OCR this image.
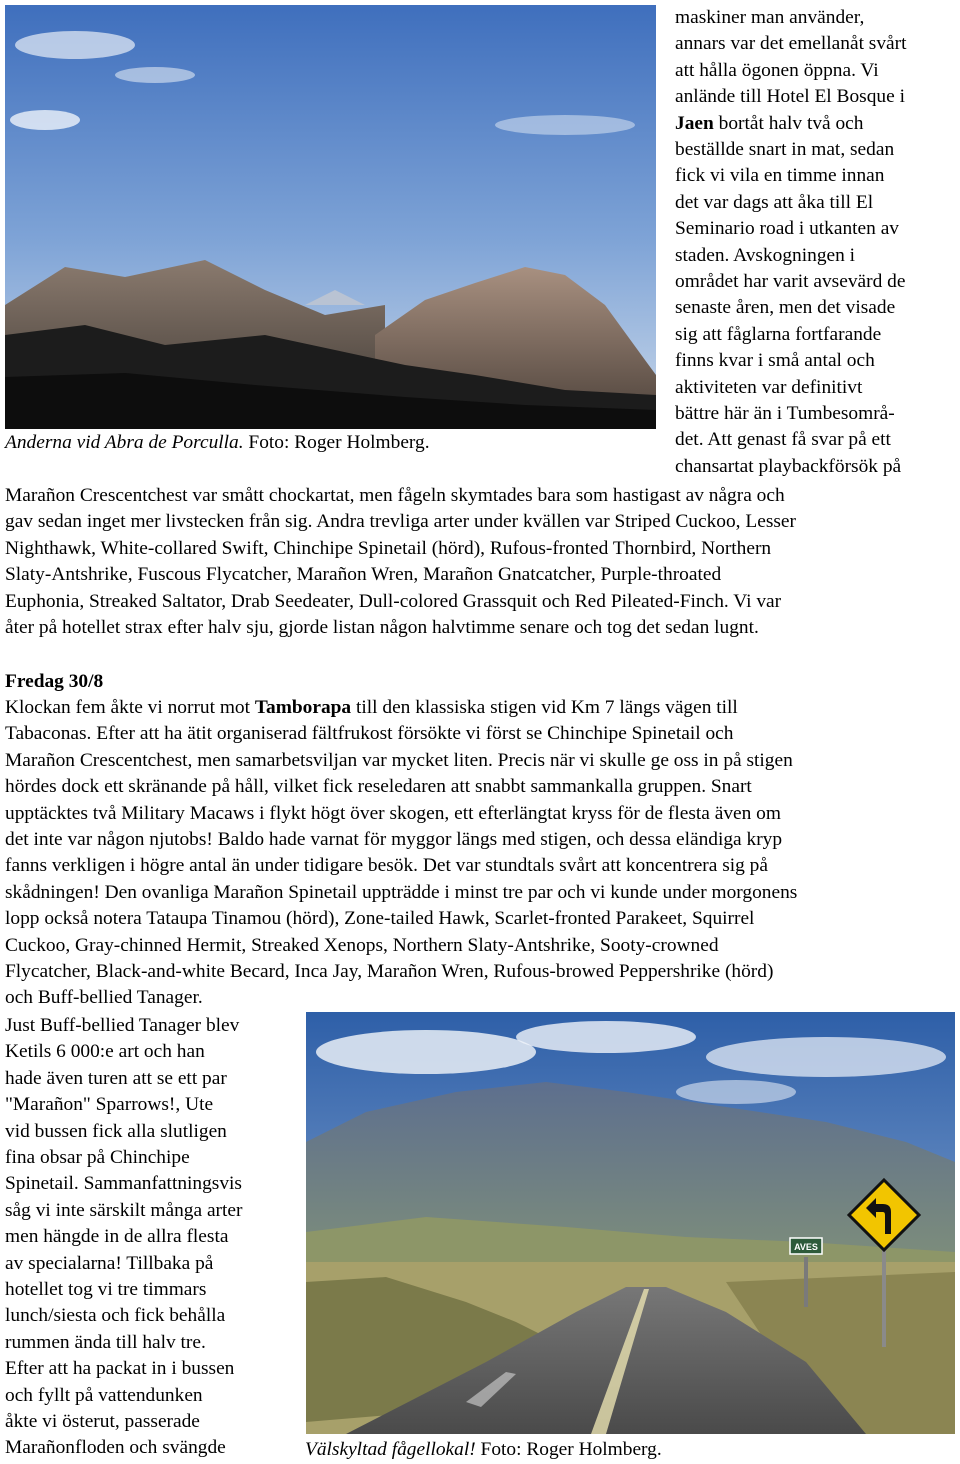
Anderna vid Abra de Porculla. Foto: Roger Holmberg.
maskiner man använder,
annars var det emellanåt svårt
att hålla ögonen öppna. Vi
anlände till Hotel El Bosque i
Jaen bortåt halv två och
beställde snart in mat, sedan
fick vi vila en timme innan
det var dags att åka till El
Seminario road i utkanten av
staden. Avskogningen i
området har varit avsevärd de
senaste åren, men det visade
sig att fåglarna fortfarande
finns kvar i små antal och
aktiviteten var definitivt
bättre här än i Tumbesområ-
det. Att genast få svar på ett
chansartat playbackförsök på
Marañon Crescentchest var smått chockartat, men fågeln skymtades bara som hastigast av några och
gav sedan inget mer livstecken från sig. Andra trevliga arter under kvällen var Striped Cuckoo, Lesser
Nighthawk, White-collared Swift, Chinchipe Spinetail (hörd), Rufous-fronted Thornbird, Northern
Slaty-Antshrike, Fuscous Flycatcher, Marañon Wren, Marañon Gnatcatcher, Purple-throated
Euphonia, Streaked Saltator, Drab Seedeater, Dull-colored Grassquit och Red Pileated-Finch. Vi var
åter på hotellet strax efter halv sju, gjorde listan någon halvtimme senare och tog det sedan lugnt.
Fredag 30/8
Klockan fem åkte vi norrut mot Tamborapa till den klassiska stigen vid Km 7 längs vägen till
Tabaconas. Efter att ha ätit organiserad fältfrukost försökte vi först se Chinchipe Spinetail och
Marañon Crescentchest, men samarbetsviljan var mycket liten. Precis när vi skulle ge oss in på stigen
hördes dock ett skränande på håll, vilket fick reseledaren att snabbt sammankalla gruppen. Snart
upptäcktes två Military Macaws i flykt högt över skogen, ett efterlängtat kryss för de flesta även om
det inte var någon njutobs! Baldo hade varnat för myggor längs med stigen, och dessa eländiga kryp
fanns verkligen i högre antal än under tidigare besök. Det var stundtals svårt att koncentrera sig på
skådningen! Den ovanliga Marañon Spinetail uppträdde i minst tre par och vi kunde under morgonens
lopp också notera Tataupa Tinamou (hörd), Zone-tailed Hawk, Scarlet-fronted Parakeet, Squirrel
Cuckoo, Gray-chinned Hermit, Streaked Xenops, Northern Slaty-Antshrike, Sooty-crowned
Flycatcher, Black-and-white Becard, Inca Jay, Marañon Wren, Rufous-browed Peppershrike (hörd)
och Buff-bellied Tanager.
Just Buff-bellied Tanager blev
Ketils 6 000:e art och han
hade även turen att se ett par
"Marañon" Sparrows!, Ute
vid bussen fick alla slutligen
fina obsar på Chinchipe
Spinetail. Sammanfattningsvis
såg vi inte särskilt många arter
men hängde in de allra flesta
av specialarna! Tillbaka på
hotellet tog vi tre timmars
lunch/siesta och fick behålla
rummen ända till halv tre.
Efter att ha packat in i bussen
och fyllt på vattendunken
åkte vi österut, passerade
Marañonfloden och svängde
AVES
Välskyltad fågellokal! Foto: Roger Holmberg.
